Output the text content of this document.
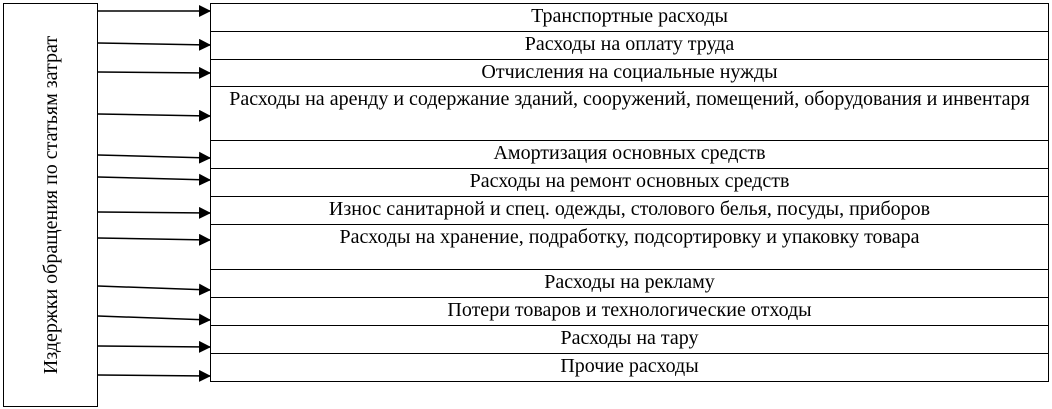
Издержки обращения по статьям затрат
Транспортные расходы
Расходы на оплату труда
Отчисления на социальные нужды
Расходы на аренду и содержание зданий, сооружений, помещений, оборудования и инвентаря
Амортизация основных средств
Расходы на ремонт основных средств
Износ санитарной и спец. одежды, столового белья, посуды, приборов
Расходы на хранение, подработку, подсортировку и упаковку товара
Расходы на рекламу
Потери товаров и технологические отходы
Расходы на тару
Прочие расходы
